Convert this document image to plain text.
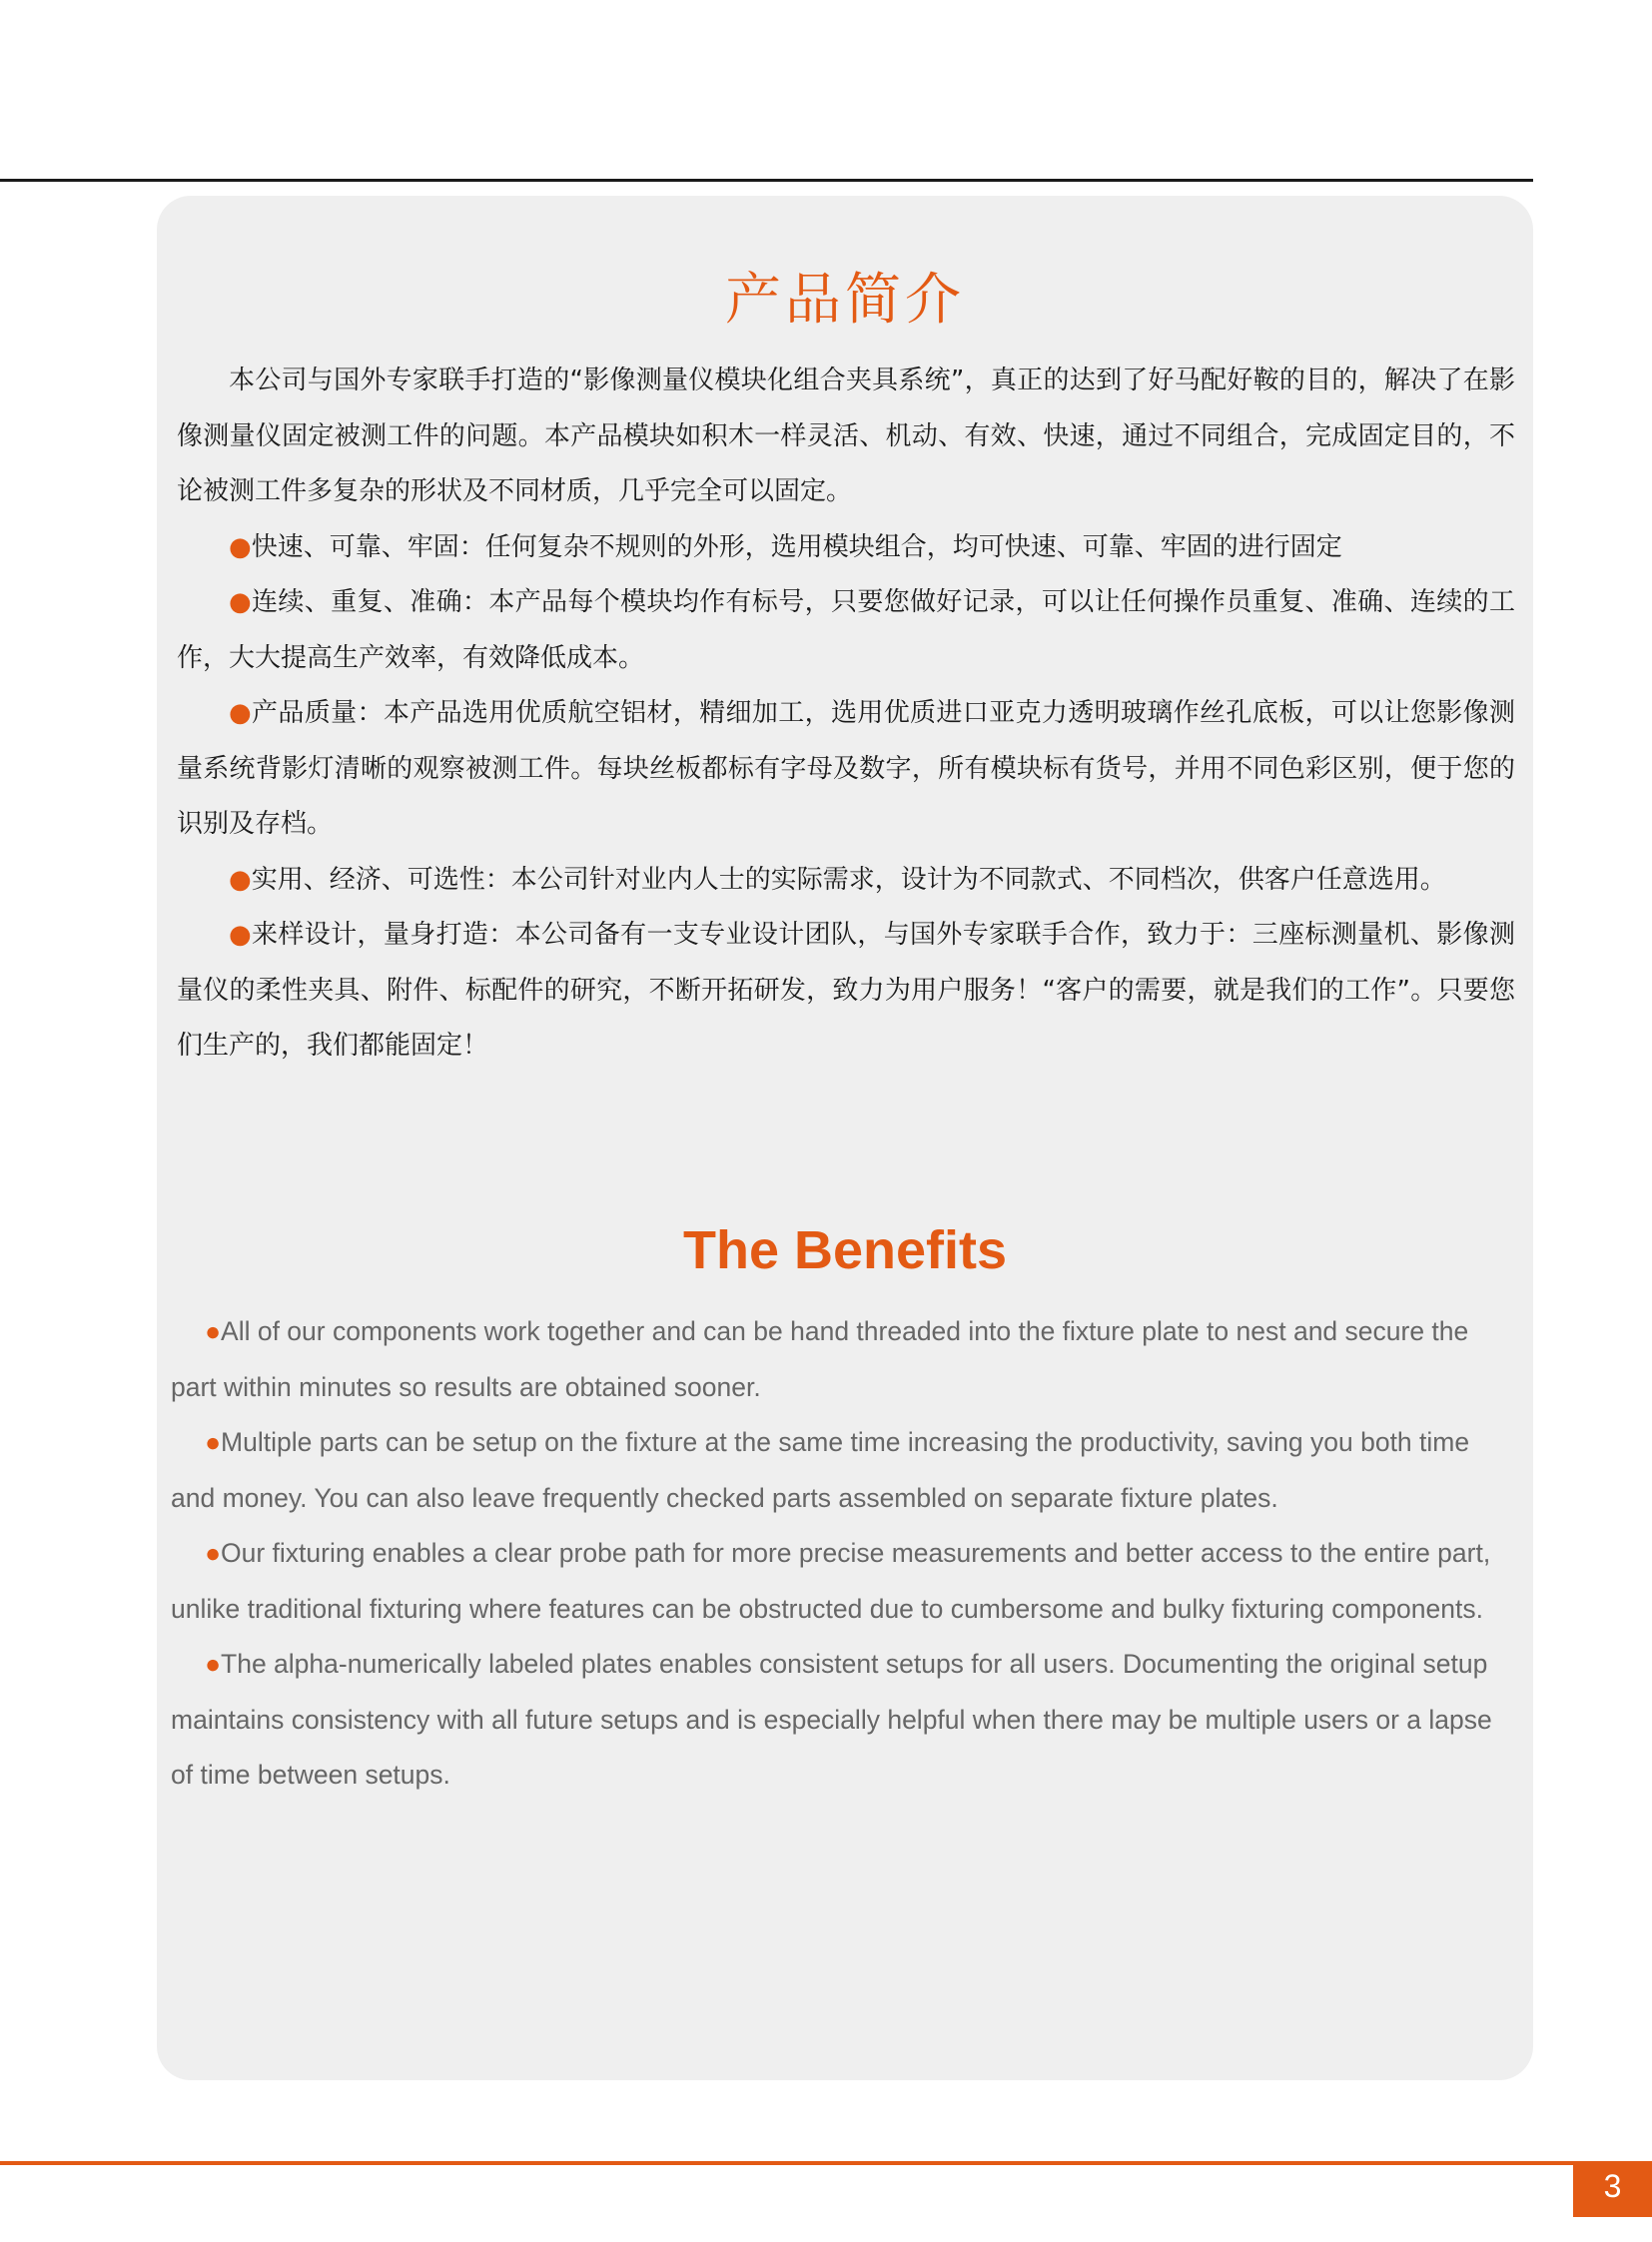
产品简介

本公司与国外专家联手打造的“影像测量仪模块化组合夹具系统”，真正的达到了好马配好鞍的目的，解决了在影像测量仪固定被测工件的问题。本产品模块如积木一样灵活、机动、有效、快速，通过不同组合，完成固定目的，不论被测工件多复杂的形状及不同材质，几乎完全可以固定。

●快速、可靠、牢固：任何复杂不规则的外形，选用模块组合，均可快速、可靠、牢固的进行固定

●连续、重复、准确：本产品每个模块均作有标号，只要您做好记录，可以让任何操作员重复、准确、连续的工作，大大提高生产效率，有效降低成本。

●产品质量：本产品选用优质航空铝材，精细加工，选用优质进口亚克力透明玻璃作丝孔底板，可以让您影像测量系统背影灯清晰的观察被测工件。每块丝板都标有字母及数字，所有模块标有货号，并用不同色彩区别，便于您的识别及存档。

●实用、经济、可选性：本公司针对业内人士的实际需求，设计为不同款式、不同档次，供客户任意选用。

●来样设计，量身打造：本公司备有一支专业设计团队，与国外专家联手合作，致力于：三座标测量机、影像测量仪的柔性夹具、附件、标配件的研究，不断开拓研发，致力为用户服务！“客户的需要，就是我们的工作”。只要您们生产的，我们都能固定！

The Benefits

●All of our components work together and can be hand threaded into the fixture plate to nest and secure the part within minutes so results are obtained sooner.

●Multiple parts can be setup on the fixture at the same time increasing the productivity, saving you both time and money. You can also leave frequently checked parts assembled on separate fixture plates.

●Our fixturing enables a clear probe path for more precise measurements and better access to the entire part, unlike traditional fixturing where features can be obstructed due to cumbersome and bulky fixturing components.

●The alpha-numerically labeled plates enables consistent setups for all users. Documenting the original setup maintains consistency with all future setups and is especially helpful when there may be multiple users or a lapse of time between setups.

3
